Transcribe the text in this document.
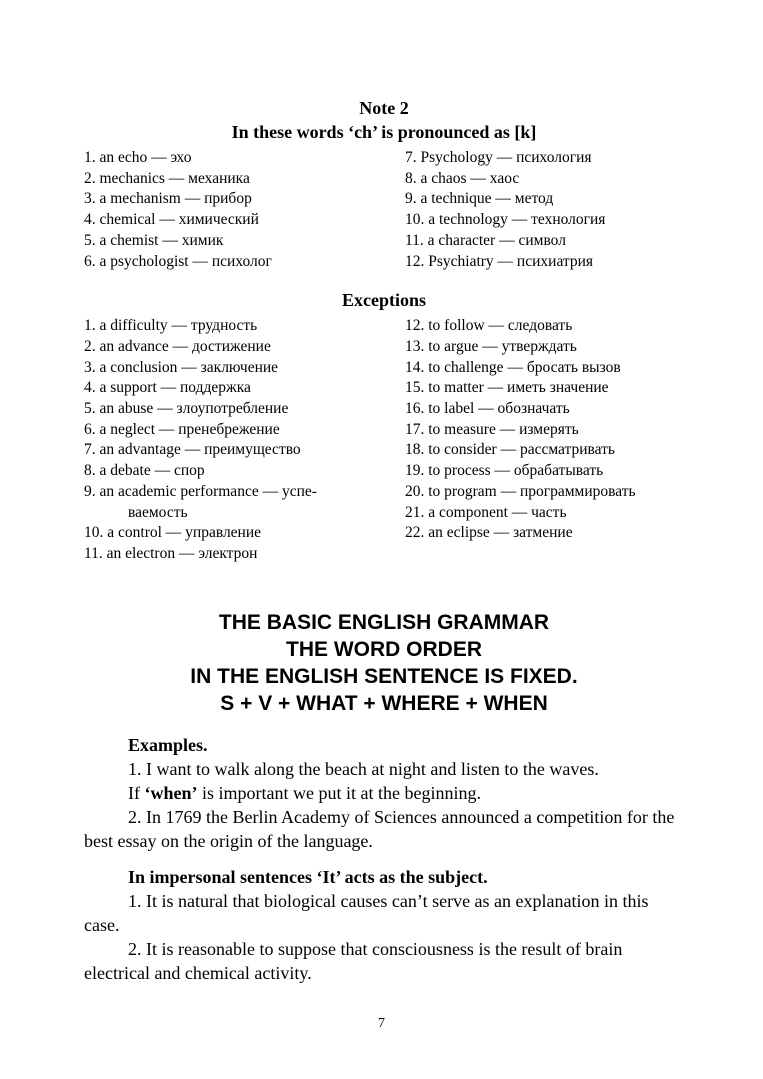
Note 2

In these words ‘ch’ is pronounced as [k]

1. an echo — эхо
2. mechanics — механика
3. a mechanism — прибор
4. chemical — химический
5. a chemist — химик
6. a psychologist — психолог
7. Psychology — психология
8. a chaos — хаос
9. a technique — метод
10. a technology — технология
11. a character — символ
12. Psychiatry — психиатрия

Exceptions

1. a difficulty — трудность
2. an advance — достижение
3. a conclusion — заключение
4. a support — поддержка
5. an abuse — злоупотребление
6. a neglect — пренебрежение
7. an advantage — преимущество
8. a debate — спор
9. an academic performance — успе-
ваемость
10. a control — управление
11. an electron — электрон
12. to follow — следовать
13. to argue — утверждать
14. to challenge — бросать вызов
15. to matter — иметь значение
16. to label — обозначать
17. to measure — измерять
18. to consider — рассматривать
19. to process — обрабатывать
20. to program — программировать
21. a component — часть
22. an eclipse — затмение

THE BASIC ENGLISH GRAMMAR

THE WORD ORDER

IN THE ENGLISH SENTENCE IS FIXED.

S + V + WHAT + WHERE + WHEN

Examples.

1. I want to walk along the beach at night and listen to the waves.

If ‘when’ is important we put it at the beginning.

2. In 1769 the Berlin Academy of Sciences announced a competition for the best essay on the origin of the language.

In impersonal sentences ‘It’ acts as the subject.

1. It is natural that biological causes can’t serve as an explanation in this case.

2. It is reasonable to suppose that consciousness is the result of brain electrical and chemical activity.

7
